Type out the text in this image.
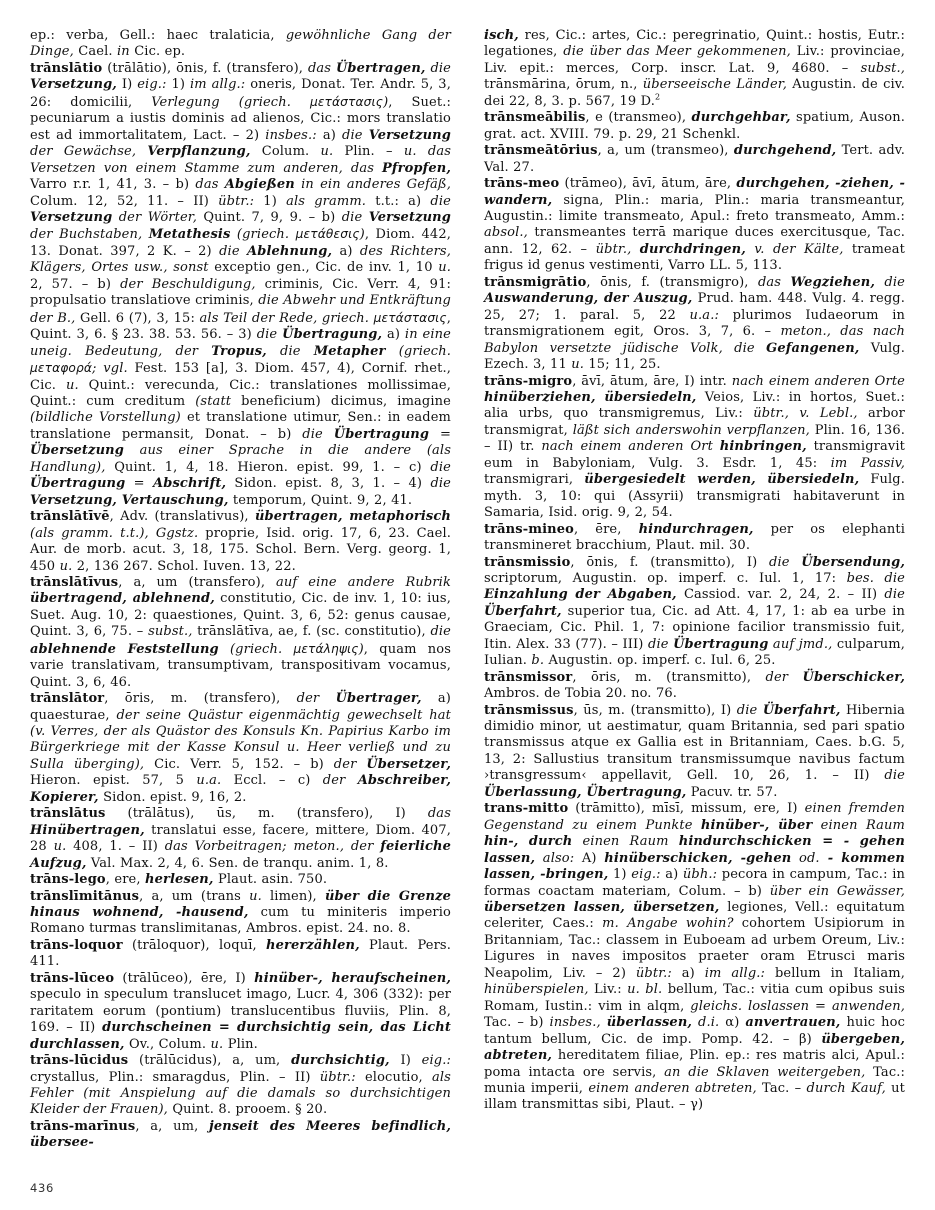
ep.: verba, Gell.: haec tralaticia, gewöhnliche Gang der Dinge, Cael. in Cic. ep.

trānslātio (trālātio), ōnis, f. (transfero), das Übertragen, die Versetzung, I) eig.: 1) im allg.: oneris, Donat. Ter. Andr. 5, 3, 26: domicilii, Verlegung (griech. μετάστασις), Suet.: pecuniarum a iustis dominis ad alienos, Cic.: mors translatio est ad immortalitatem, Lact. – 2) insbes.: a) die Versetzung der Gewächse, Verpflanzung, Colum. u. Plin. – u. das Versetzen von einem Stamme zum anderen, das Pfropfen, Varro r.r. 1, 41, 3. – b) das Abgießen in ein anderes Gefäß, Colum. 12, 52, 11. – II) übtr.: 1) als gramm. t.t.: a) die Versetzung der Wörter, Quint. 7, 9, 9. – b) die Versetzung der Buchstaben, Metathesis (griech. μετάθεσις), Diom. 442, 13. Donat. 397, 2 K. – 2) die Ablehnung, a) des Richters, Klägers, Ortes usw., sonst exceptio gen., Cic. de inv. 1, 10 u. 2, 57. – b) der Beschuldigung, criminis, Cic. Verr. 4, 91: propulsatio translatiove criminis, die Abwehr und Entkräftung der B., Gell. 6 (7), 3, 15: als Teil der Rede, griech. μετάστασις, Quint. 3, 6. § 23. 38. 53. 56. – 3) die Übertragung, a) in eine uneig. Bedeutung, der Tropus, die Metapher (griech. μεταφορά; vgl. Fest. 153 [a], 3. Diom. 457, 4), Cornif. rhet., Cic. u. Quint.: verecunda, Cic.: translationes mollissimae, Quint.: cum creditum (statt beneficium) dicimus, imagine (bildliche Vorstellung) et translatione utimur, Sen.: in eadem translatione permansit, Donat. – b) die Übertragung = Übersetzung aus einer Sprache in die andere (als Handlung), Quint. 1, 4, 18. Hieron. epist. 99, 1. – c) die Übertragung = Abschrift, Sidon. epist. 8, 3, 1. – 4) die Versetzung, Vertauschung, temporum, Quint. 9, 2, 41.

trānslātīvē, Adv. (translativus), übertragen, metaphorisch (als gramm. t.t.), Ggstz. proprie, Isid. orig. 17, 6, 23. Cael. Aur. de morb. acut. 3, 18, 175. Schol. Bern. Verg. georg. 1, 450 u. 2, 136 267. Schol. Iuven. 13, 22.

trānslātīvus, a, um (transfero), auf eine andere Rubrik übertragend, ablehnend, constitutio, Cic. de inv. 1, 10: ius, Suet. Aug. 10, 2: quaestiones, Quint. 3, 6, 52: genus causae, Quint. 3, 6, 75. – subst., trānslātīva, ae, f. (sc. constitutio), die ablehnende Feststellung (griech. μετάληψις), quam nos varie translativam, transumptivam, transpositivam vocamus, Quint. 3, 6, 46.

trānslātor, ōris, m. (transfero), der Übertrager, a) quaesturae, der seine Quästur eigenmächtig gewechselt hat (v. Verres, der als Quästor des Konsuls Kn. Papirius Karbo im Bürgerkriege mit der Kasse Konsul u. Heer verließ und zu Sulla überging), Cic. Verr. 5, 152. – b) der Übersetzer, Hieron. epist. 57, 5 u.a. Eccl. – c) der Abschreiber, Kopierer, Sidon. epist. 9, 16, 2.

trānslātus (trālātus), ūs, m. (transfero), I) das Hinübertragen, translatui esse, facere, mittere, Diom. 407, 28 u. 408, 1. – II) das Vorbeitragen; meton., der feierliche Aufzug, Val. Max. 2, 4, 6. Sen. de tranqu. anim. 1, 8.

trāns-lego, ere, herlesen, Plaut. asin. 750.

trānslīmitānus, a, um (trans u. limen), über die Grenze hinaus wohnend, -hausend, cum tu miniteris imperio Romano turmas translimitanas, Ambros. epist. 24. no. 8.

trāns-loquor (trāloquor), loquī, hererzählen, Plaut. Pers. 411.

trāns-lūceo (trālūceo), ēre, I) hinüber-, heraufscheinen, speculo in speculum translucet imago, Lucr. 4, 306 (332): per raritatem eorum (pontium) translucentibus fluviis, Plin. 8, 169. – II) durchscheinen = durchsichtig sein, das Licht durchlassen, Ov., Colum. u. Plin.

trāns-lūcidus (trālūcidus), a, um, durchsichtig, I) eig.: crystallus, Plin.: smaragdus, Plin. – II) übtr.: elocutio, als Fehler (mit Anspielung auf die damals so durchsichtigen Kleider der Frauen), Quint. 8. prooem. § 20.

trāns-marīnus, a, um, jenseit des Meeres befindlich, übersee-

isch, res, Cic.: artes, Cic.: peregrinatio, Quint.: hostis, Eutr.: legationes, die über das Meer gekommenen, Liv.: provinciae, Liv. epit.: merces, Corp. inscr. Lat. 9, 4680. – subst., trānsmārina, ōrum, n., überseeische Länder, Augustin. de civ. dei 22, 8, 3. p. 567, 19 D.$^2$

trānsmeābilis, e (transmeo), durchgehbar, spatium, Auson. grat. act. XVIII. 79. p. 29, 21 Schenkl.

trānsmeātōrius, a, um (transmeo), durchgehend, Tert. adv. Val. 27.

trāns-meo (trāmeo), āvī, ātum, āre, durchgehen, -ziehen, -wandern, signa, Plin.: maria, Plin.: maria transmeantur, Augustin.: limite transmeato, Apul.: freto transmeato, Amm.: absol., transmeantes terrā marique duces exercitusque, Tac. ann. 12, 62. – übtr., durchdringen, v. der Kälte, trameat frigus id genus vestimenti, Varro LL. 5, 113.

trānsmigrātio, ōnis, f. (transmigro), das Wegziehen, die Auswanderung, der Auszug, Prud. ham. 448. Vulg. 4. regg. 25, 27; 1. paral. 5, 22 u.a.: plurimos Iudaeorum in transmigrationem egit, Oros. 3, 7, 6. – meton., das nach Babylon versetzte jüdische Volk, die Gefangenen, Vulg. Ezech. 3, 11 u. 15; 11, 25.

trāns-migro, āvī, ātum, āre, I) intr. nach einem anderen Orte hinüberziehen, übersiedeln, Veios, Liv.: in hortos, Suet.: alia urbs, quo transmigremus, Liv.: übtr., v. Lebl., arbor transmigrat, läßt sich anderswohin verpflanzen, Plin. 16, 136. – II) tr. nach einem anderen Ort hinbringen, transmigravit eum in Babyloniam, Vulg. 3. Esdr. 1, 45: im Passiv, transmigrari, übergesiedelt werden, übersiedeln, Fulg. myth. 3, 10: qui (Assyrii) transmigrati habitaverunt in Samaria, Isid. orig. 9, 2, 54.

trāns-mineo, ēre, hindurchragen, per os elephanti transmineret bracchium, Plaut. mil. 30.

trānsmissio, ōnis, f. (transmitto), I) die Übersendung, scriptorum, Augustin. op. imperf. c. Iul. 1, 17: bes. die Einzahlung der Abgaben, Cassiod. var. 2, 24, 2. – II) die Überfahrt, superior tua, Cic. ad Att. 4, 17, 1: ab ea urbe in Graeciam, Cic. Phil. 1, 7: opinione facilior transmissio fuit, Itin. Alex. 33 (77). – III) die Übertragung auf jmd., culparum, Iulian. b. Augustin. op. imperf. c. Iul. 6, 25.

trānsmissor, ōris, m. (transmitto), der Überschicker, Ambros. de Tobia 20. no. 76.

trānsmissus, ūs, m. (transmitto), I) die Überfahrt, Hibernia dimidio minor, ut aestimatur, quam Britannia, sed pari spatio transmissus atque ex Gallia est in Britanniam, Caes. b.G. 5, 13, 2: Sallustius transitum transmissumque navibus factum ›transgressum‹ appellavit, Gell. 10, 26, 1. – II) die Überlassung, Übertragung, Pacuv. tr. 57.

trans-mitto (trāmitto), mīsī, missum, ere, I) einen fremden Gegenstand zu einem Punkte hinüber-, über einen Raum hin-, durch einen Raum hindurchschicken = - gehen lassen, also: A) hinüberschicken, -gehen od. - kommen lassen, -bringen, 1) eig.: a) übh.: pecora in campum, Tac.: in formas coactam materiam, Colum. – b) über ein Gewässer, übersetzen lassen, übersetzen, legiones, Vell.: equitatum celeriter, Caes.: m. Angabe wohin? cohortem Usipiorum in Britanniam, Tac.: classem in Euboeam ad urbem Oreum, Liv.: Ligures in naves impositos praeter oram Etrusci maris Neapolim, Liv. – 2) übtr.: a) im allg.: bellum in Italiam, hinüberspielen, Liv.: u. bl. bellum, Tac.: vitia cum opibus suis Romam, Iustin.: vim in alqm, gleichs. loslassen = anwenden, Tac. – b) insbes., überlassen, d.i. α) anvertrauen, huic hoc tantum bellum, Cic. de imp. Pomp. 42. – β) übergeben, abtreten, hereditatem filiae, Plin. ep.: res matris alci, Apul.: poma intacta ore servis, an die Sklaven weitergeben, Tac.: munia imperii, einem anderen abtreten, Tac. – durch Kauf, ut illam transmittas sibi, Plaut. – γ)

436
